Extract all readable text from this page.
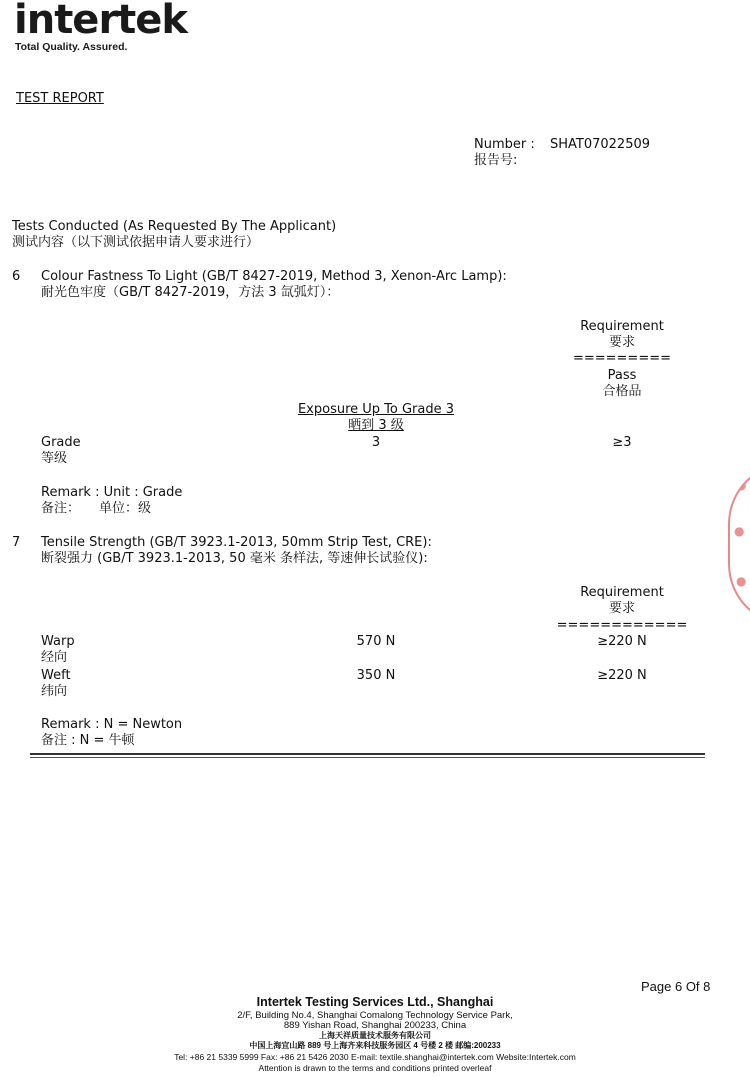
intertek
Total Quality. Assured.
TEST REPORT
Number : SHAT07022509
报告号:
Tests Conducted (As Requested By The Applicant)
测试内容（以下测试依据申请人要求进行）
6 Colour Fastness To Light (GB/T 8427-2019, Method 3, Xenon-Arc Lamp):
耐光色牢度（GB/T 8427-2019，方法 3 氙弧灯）：
Requirement
要求
=========
Pass
合格品
Exposure Up To Grade 3
晒到 3 级
Grade
等级
3	≥3
Remark : Unit : Grade
备注： 单位：级
7 Tensile Strength (GB/T 3923.1-2013, 50mm Strip Test, CRE):
断裂强力 (GB/T 3923.1-2013, 50 毫米 条样法, 等速伸长试验仪):
Requirement
要求
============
Warp
经向
570 N	≥220 N
Weft
纬向
350 N	≥220 N
Remark : N = Newton
备注 : N = 牛顿
●
●
●
Page 6 Of 8
Intertek Testing Services Ltd., Shanghai
2/F, Building No.4, Shanghai Comalong Technology Service Park,
889 Yishan Road, Shanghai 200233, China
上海天祥质量技术服务有限公司
中国上海宜山路 889 号上海齐来科技服务园区 4 号楼 2 楼 邮编:200233
Tel: +86 21 5339 5999 Fax: +86 21 5426 2030 E-mail: textile.shanghai@intertek.com Website:Intertek.com
Attention is drawn to the terms and conditions printed overleaf
